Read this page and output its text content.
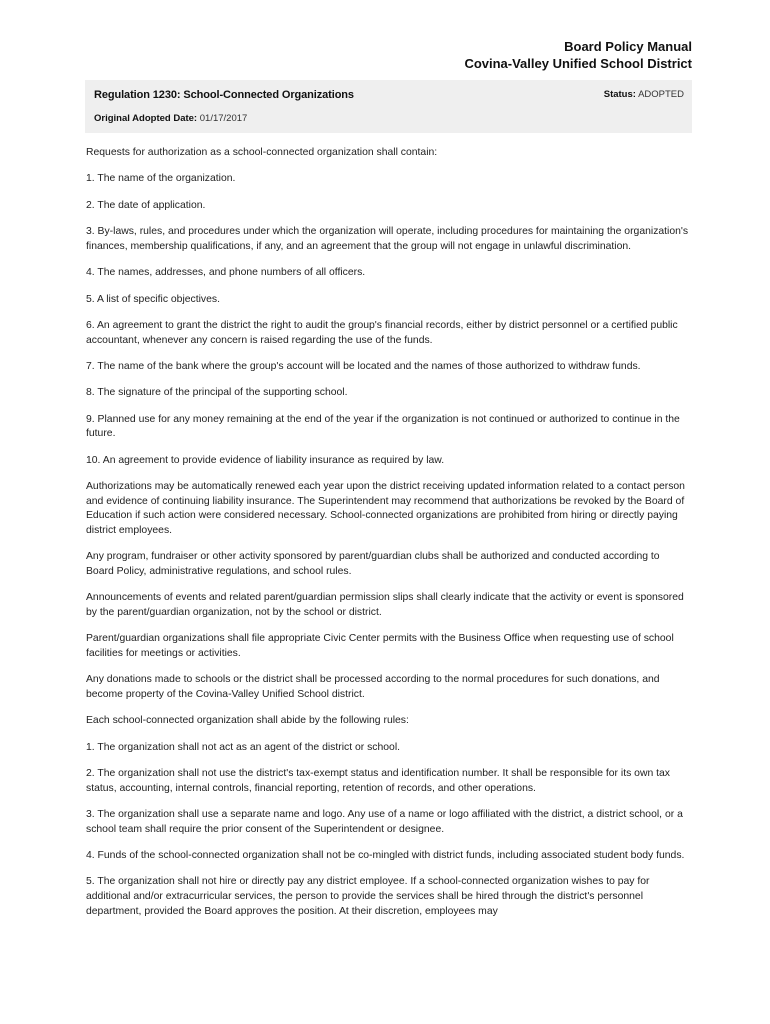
Board Policy Manual
Covina-Valley Unified School District
Regulation 1230: School-Connected Organizations	Status: ADOPTED
Original Adopted Date: 01/17/2017

Requests for authorization as a school-connected organization shall contain:

1. The name of the organization.

2. The date of application.

3. By-laws, rules, and procedures under which the organization will operate, including procedures for maintaining the organization's finances, membership qualifications, if any, and an agreement that the group will not engage in unlawful discrimination.

4. The names, addresses, and phone numbers of all officers.

5. A list of specific objectives.

6. An agreement to grant the district the right to audit the group's financial records, either by district personnel or a certified public accountant, whenever any concern is raised regarding the use of the funds.

7. The name of the bank where the group's account will be located and the names of those authorized to withdraw funds.

8. The signature of the principal of the supporting school.

9. Planned use for any money remaining at the end of the year if the organization is not continued or authorized to continue in the future.

10. An agreement to provide evidence of liability insurance as required by law.

Authorizations may be automatically renewed each year upon the district receiving updated information related to a contact person and evidence of continuing liability insurance. The Superintendent may recommend that authorizations be revoked by the Board of Education if such action were considered necessary. School-connected organizations are prohibited from hiring or directly paying district employees.

Any program, fundraiser or other activity sponsored by parent/guardian clubs shall be authorized and conducted according to Board Policy, administrative regulations, and school rules.

Announcements of events and related parent/guardian permission slips shall clearly indicate that the activity or event is sponsored by the parent/guardian organization, not by the school or district.

Parent/guardian organizations shall file appropriate Civic Center permits with the Business Office when requesting use of school facilities for meetings or activities.

Any donations made to schools or the district shall be processed according to the normal procedures for such donations, and become property of the Covina-Valley Unified School district.

Each school-connected organization shall abide by the following rules:

1. The organization shall not act as an agent of the district or school.

2. The organization shall not use the district's tax-exempt status and identification number. It shall be responsible for its own tax status, accounting, internal controls, financial reporting, retention of records, and other operations.

3. The organization shall use a separate name and logo. Any use of a name or logo affiliated with the district, a district school, or a school team shall require the prior consent of the Superintendent or designee.

4. Funds of the school-connected organization shall not be co-mingled with district funds, including associated student body funds.

5. The organization shall not hire or directly pay any district employee. If a school-connected organization wishes to pay for additional and/or extracurricular services, the person to provide the services shall be hired through the district's personnel department, provided the Board approves the position. At their discretion, employees may
